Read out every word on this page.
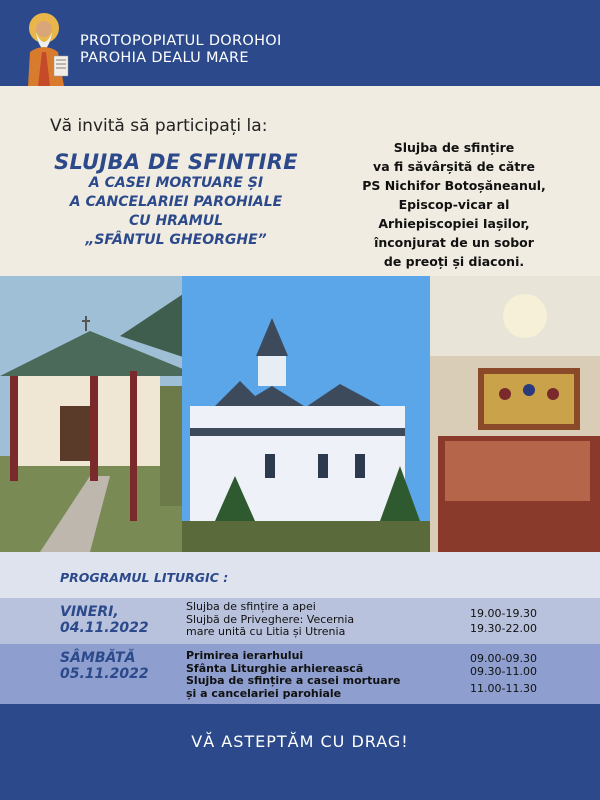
PROTOPOPIATUL DOROHOI
PAROHIA DEALU MARE
Vă invită să participați la:
SLUJBA DE SFINTIRE
A CASEI MORTUARE ȘI
A CANCELARIEI PAROHIALE
CU HRAMUL
„SFÂNTUL GHEORGHE”
Slujba de sfințire
va fi săvârșită de către
PS Nichifor Botoșăneanul,
Episcop-vicar al
Arhiepiscopiei Iașilor,
înconjurat de un sobor
de preoți și diaconi.
PROGRAMUL LITURGIC :
VINERI,
04.11.2022
Slujba de sfințire a apei
Slujbă de Priveghere: Vecernia
mare unită cu Litia și Utrenia
19.00-19.30
19.30-22.00
SÂMBĂTĂ
05.11.2022
Primirea ierarhului
Sfânta Liturghie arhierească
Slujba de sfințire a casei mortuare
și a cancelariei parohiale
09.00-09.30
09.30-11.00
11.00-11.30
VĂ ASTEPTĂM CU DRAG!
